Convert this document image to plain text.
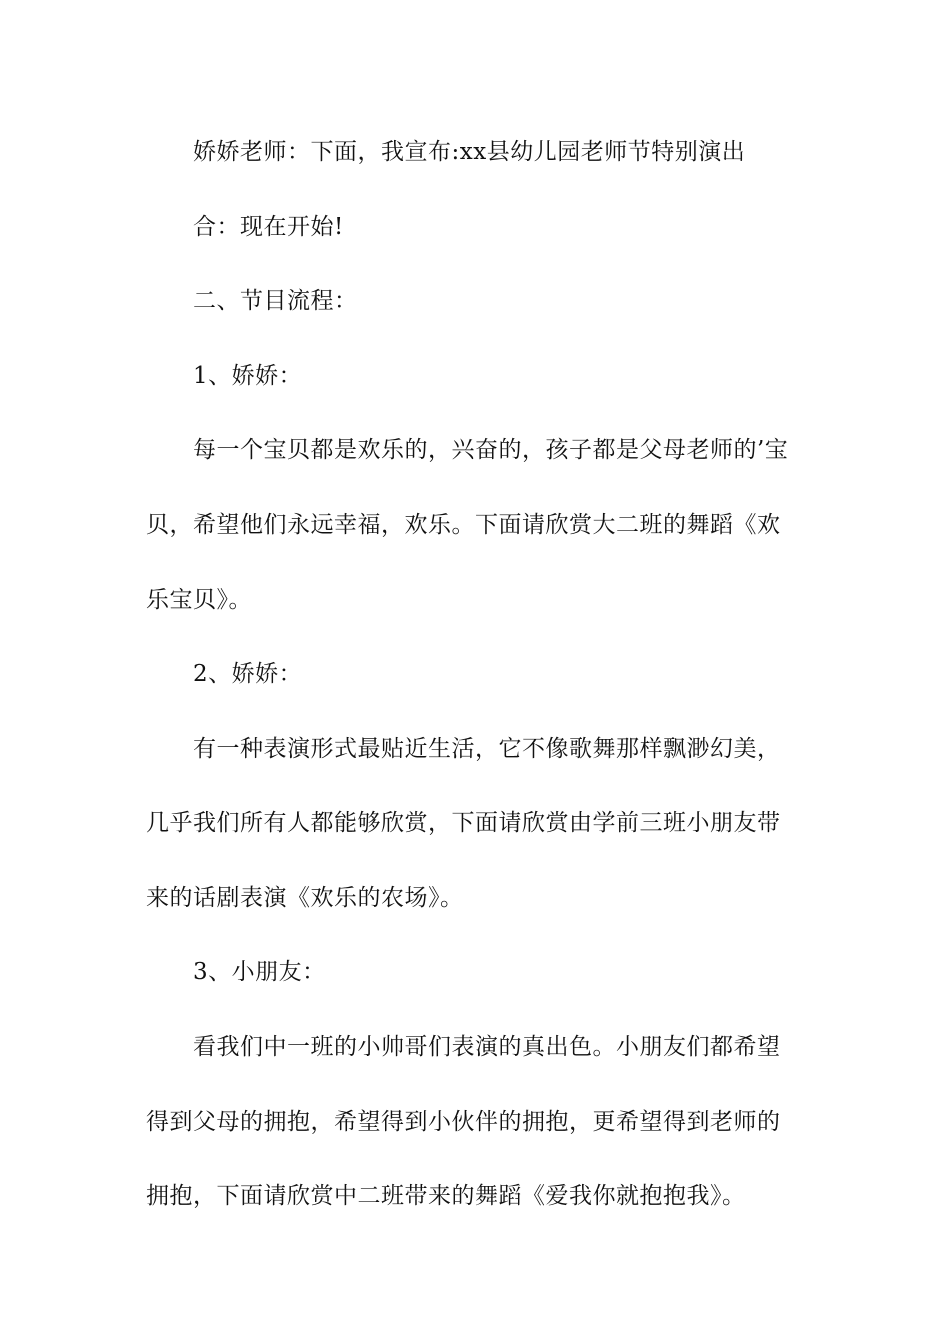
娇娇老师：下面，我宣布:xx县幼儿园老师节特别演出
合：现在开始!
二、节目流程：
1、娇娇：
每一个宝贝都是欢乐的，兴奋的，孩子都是父母老师的’宝
贝，希望他们永远幸福，欢乐。下面请欣赏大二班的舞蹈《欢
乐宝贝》。
2、娇娇：
有一种表演形式最贴近生活，它不像歌舞那样飘渺幻美，
几乎我们所有人都能够欣赏，下面请欣赏由学前三班小朋友带
来的话剧表演《欢乐的农场》。
3、小朋友：
看我们中一班的小帅哥们表演的真出色。小朋友们都希望
得到父母的拥抱，希望得到小伙伴的拥抱，更希望得到老师的
拥抱，下面请欣赏中二班带来的舞蹈《爱我你就抱抱我》。
